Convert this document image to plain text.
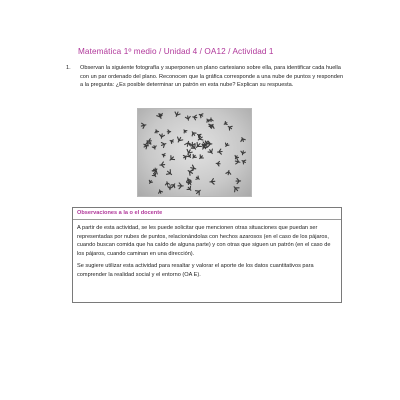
Matemática 1º medio / Unidad 4 / OA12 / Actividad 1
1. Observan la siguiente fotografía y superponen un plano cartesiano sobre ella, para identificar cada huella con un par ordenado del plano. Reconocen que la gráfica corresponde a una nube de puntos y responden a la pregunta: ¿Es posible determinar un patrón en esta nube? Explican su respuesta.
Observaciones a la o el docente

A partir de esta actividad, se les puede solicitar que mencionen otras situaciones que puedan ser representadas por nubes de puntos, relacionándolas con hechos azarosos (en el caso de los pájaros, cuando buscan comida que ha caído de alguna parte) y con otras que siguen un patrón (en el caso de los pájaros, cuando caminan en una dirección).

Se sugiere utilizar esta actividad para resaltar y valorar el aporte de los datos cuantitativos para comprender la realidad social y el entorno (OA E).
